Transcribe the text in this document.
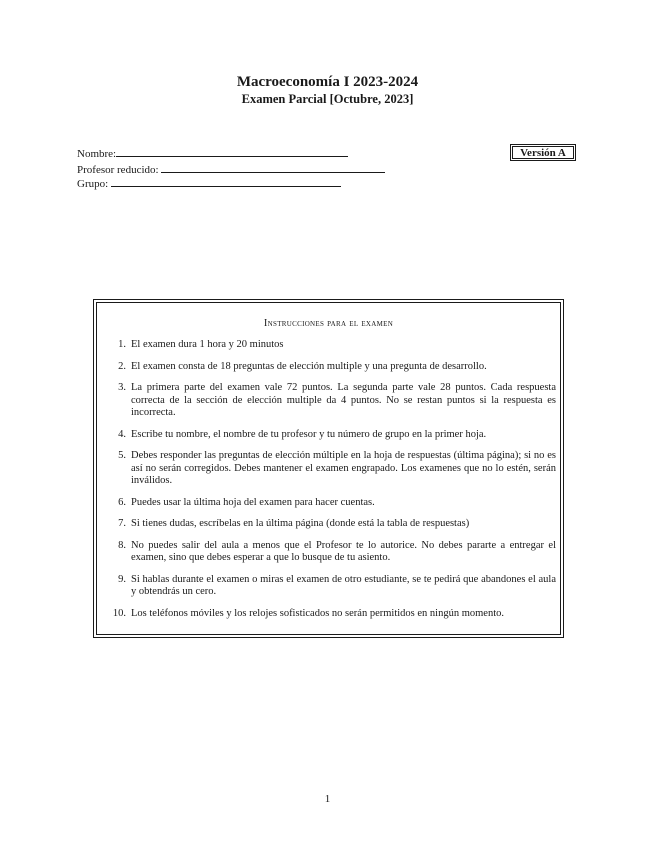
Macroeconomía I 2023-2024
Examen Parcial [Octubre, 2023]
Nombre:
Profesor reducido:
Grupo:
Versión A
Instrucciones para el examen
1. El examen dura 1 hora y 20 minutos
2. El examen consta de 18 preguntas de elección multiple y una pregunta de desarrollo.
3. La primera parte del examen vale 72 puntos. La segunda parte vale 28 puntos. Cada respuesta correcta de la sección de elección multiple da 4 puntos. No se restan puntos si la respuesta es incorrecta.
4. Escribe tu nombre, el nombre de tu profesor y tu número de grupo en la primer hoja.
5. Debes responder las preguntas de elección múltiple en la hoja de respuestas (última página); si no es así no serán corregidos. Debes mantener el examen engrapado. Los examenes que no lo estén, serán inválidos.
6. Puedes usar la última hoja del examen para hacer cuentas.
7. Si tienes dudas, escríbelas en la última página (donde está la tabla de respuestas)
8. No puedes salir del aula a menos que el Profesor te lo autorice. No debes pararte a entregar el examen, sino que debes esperar a que lo busque de tu asiento.
9. Si hablas durante el examen o miras el examen de otro estudiante, se te pedirá que abandones el aula y obtendrás un cero.
10. Los teléfonos móviles y los relojes sofisticados no serán permitidos en ningún momento.
1
